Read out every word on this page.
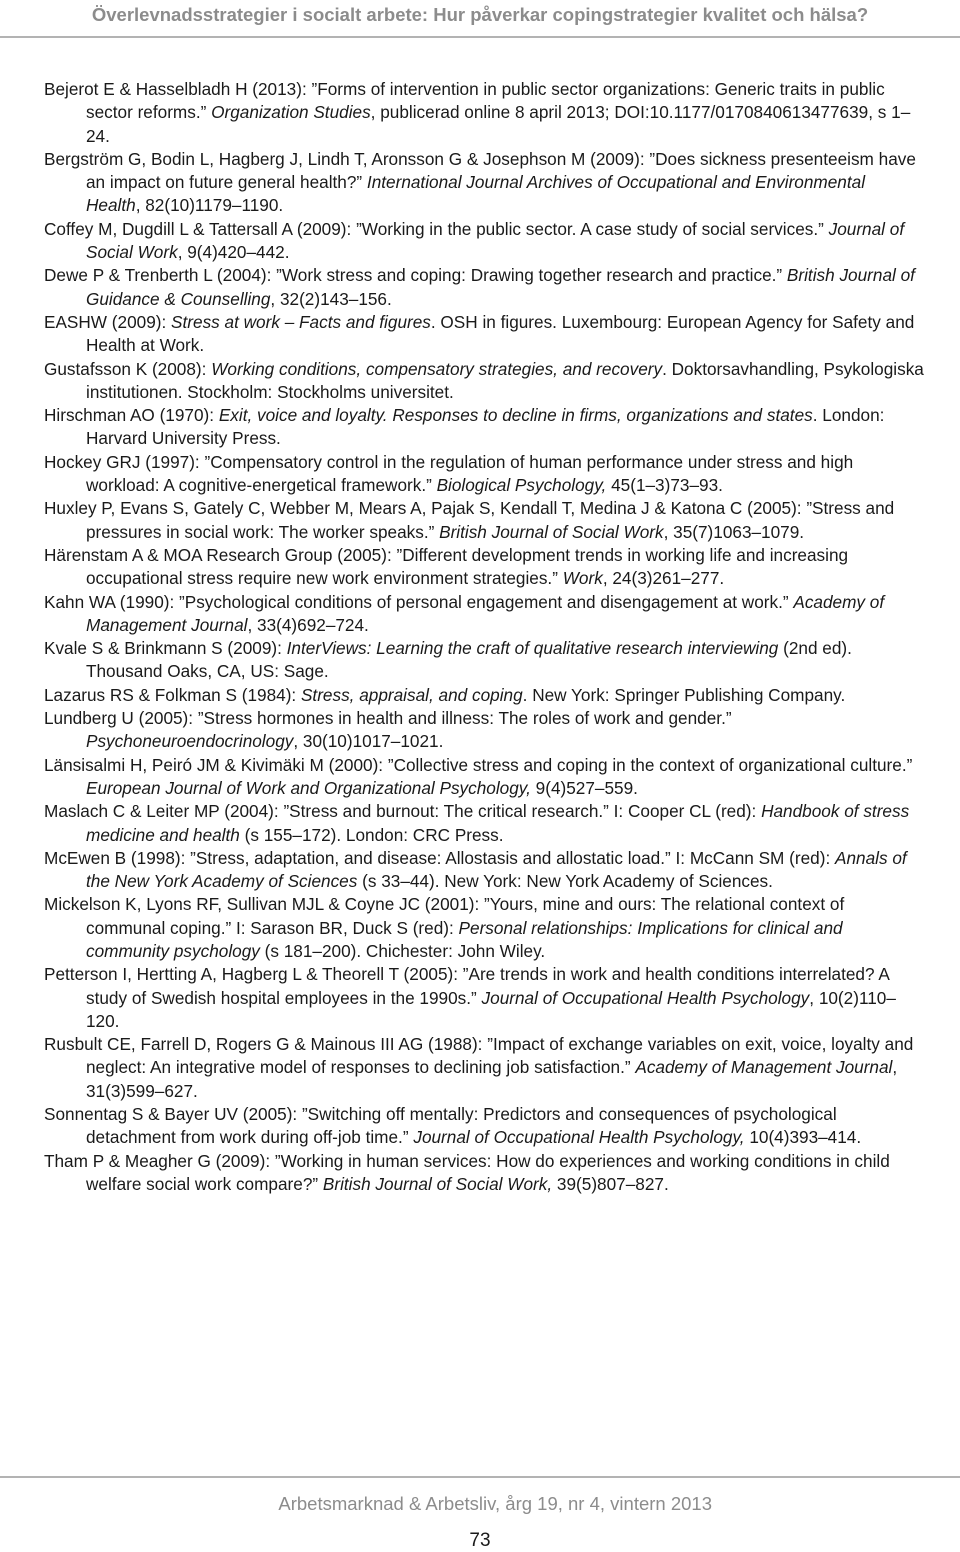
Överlevnadsstrategier i socialt arbete: Hur påverkar copingstrategier kvalitet och hälsa?
Bejerot E & Hasselbladh H (2013): ”Forms of intervention in public sector organizations: Generic traits in public sector reforms.” Organization Studies, publicerad online 8 april 2013; DOI:10.1177/0170840613477639, s 1–24.
Bergström G, Bodin L, Hagberg J, Lindh T, Aronsson G & Josephson M (2009): ”Does sickness presenteeism have an impact on future general health?” International Journal Archives of Occupational and Environmental Health, 82(10)1179–1190.
Coffey M, Dugdill L & Tattersall A (2009): ”Working in the public sector. A case study of social services.” Journal of Social Work, 9(4)420–442.
Dewe P & Trenberth L (2004): ”Work stress and coping: Drawing together research and practice.” British Journal of Guidance & Counselling, 32(2)143–156.
EASHW (2009): Stress at work – Facts and figures. OSH in figures. Luxembourg: European Agency for Safety and Health at Work.
Gustafsson K (2008): Working conditions, compensatory strategies, and recovery. Doktorsavhandling, Psykologiska institutionen. Stockholm: Stockholms universitet.
Hirschman AO (1970): Exit, voice and loyalty. Responses to decline in firms, organizations and states. London: Harvard University Press.
Hockey GRJ (1997): ”Compensatory control in the regulation of human performance under stress and high workload: A cognitive-energetical framework.” Biological Psychology, 45(1–3)73–93.
Huxley P, Evans S, Gately C, Webber M, Mears A, Pajak S, Kendall T, Medina J & Katona C (2005): ”Stress and pressures in social work: The worker speaks.” British Journal of Social Work, 35(7)1063–1079.
Härenstam A & MOA Research Group (2005): ”Different development trends in working life and increasing occupational stress require new work environment strategies.” Work, 24(3)261–277.
Kahn WA (1990): ”Psychological conditions of personal engagement and disengagement at work.” Academy of Management Journal, 33(4)692–724.
Kvale S & Brinkmann S (2009): InterViews: Learning the craft of qualitative research interviewing (2nd ed). Thousand Oaks, CA, US: Sage.
Lazarus RS & Folkman S (1984): Stress, appraisal, and coping. New York: Springer Publishing Company.
Lundberg U (2005): ”Stress hormones in health and illness: The roles of work and gender.” Psychoneuroendocrinology, 30(10)1017–1021.
Länsisalmi H, Peiró JM & Kivimäki M (2000): ”Collective stress and coping in the context of organizational culture.” European Journal of Work and Organizational Psychology, 9(4)527–559.
Maslach C & Leiter MP (2004): ”Stress and burnout: The critical research.” I: Cooper CL (red): Handbook of stress medicine and health (s 155–172). London: CRC Press.
McEwen B (1998): ”Stress, adaptation, and disease: Allostasis and allostatic load.” I: McCann SM (red): Annals of the New York Academy of Sciences (s 33–44). New York: New York Academy of Sciences.
Mickelson K, Lyons RF, Sullivan MJL & Coyne JC (2001): ”Yours, mine and ours: The relational context of communal coping.” I: Sarason BR, Duck S (red): Personal relationships: Implications for clinical and community psychology (s 181–200). Chichester: John Wiley.
Petterson I, Hertting A, Hagberg L & Theorell T (2005): ”Are trends in work and health conditions interrelated? A study of Swedish hospital employees in the 1990s.” Journal of Occupational Health Psychology, 10(2)110–120.
Rusbult CE, Farrell D, Rogers G & Mainous III AG (1988): ”Impact of exchange variables on exit, voice, loyalty and neglect: An integrative model of responses to declining job satisfaction.” Academy of Management Journal, 31(3)599–627.
Sonnentag S & Bayer UV (2005): ”Switching off mentally: Predictors and consequences of psychological detachment from work during off-job time.” Journal of Occupational Health Psychology, 10(4)393–414.
Tham P & Meagher G (2009): ”Working in human services: How do experiences and working conditions in child welfare social work compare?” British Journal of Social Work, 39(5)807–827.
Arbetsmarknad & Arbetsliv, årg 19, nr 4, vintern 2013
73
